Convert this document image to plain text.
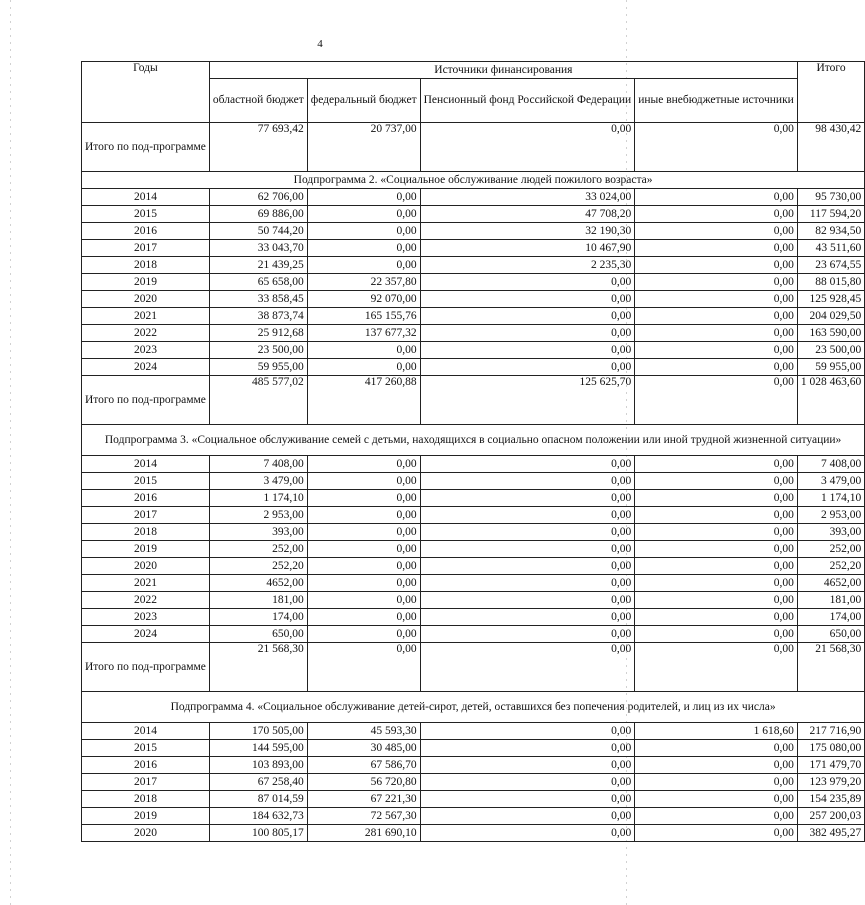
4
Годы	Источники финансирования				Итого
	областной бюджет	федеральный бюджет	Пенсионный фонд Российской Федерации	иные внебюджетные источники	
Итого по под-программе	77 693,42	20 737,00	0,00	0,00	98 430,42
Подпрограмма 2. «Социальное обслуживание людей пожилого возраста»					
2014	62 706,00	0,00	33 024,00	0,00	95 730,00
2015	69 886,00	0,00	47 708,20	0,00	117 594,20
2016	50 744,20	0,00	32 190,30	0,00	82 934,50
2017	33 043,70	0,00	10 467,90	0,00	43 511,60
2018	21 439,25	0,00	2 235,30	0,00	23 674,55
2019	65 658,00	22 357,80	0,00	0,00	88 015,80
2020	33 858,45	92 070,00	0,00	0,00	125 928,45
2021	38 873,74	165 155,76	0,00	0,00	204 029,50
2022	25 912,68	137 677,32	0,00	0,00	163 590,00
2023	23 500,00	0,00	0,00	0,00	23 500,00
2024	59 955,00	0,00	0,00	0,00	59 955,00
Итого по под-программе	485 577,02	417 260,88	125 625,70	0,00	1 028 463,60
Подпрограмма 3. «Социальное обслуживание семей с детьми, находящихся в социально опасном положении или иной трудной жизненной ситуации»					
2014	7 408,00	0,00	0,00	0,00	7 408,00
2015	3 479,00	0,00	0,00	0,00	3 479,00
2016	1 174,10	0,00	0,00	0,00	1 174,10
2017	2 953,00	0,00	0,00	0,00	2 953,00
2018	393,00	0,00	0,00	0,00	393,00
2019	252,00	0,00	0,00	0,00	252,00
2020	252,20	0,00	0,00	0,00	252,20
2021	4652,00	0,00	0,00	0,00	4652,00
2022	181,00	0,00	0,00	0,00	181,00
2023	174,00	0,00	0,00	0,00	174,00
2024	650,00	0,00	0,00	0,00	650,00
Итого по под-программе	21 568,30	0,00	0,00	0,00	21 568,30
Подпрограмма 4. «Социальное обслуживание детей-сирот, детей, оставшихся без попечения родителей, и лиц из их числа»					
2014	170 505,00	45 593,30	0,00	1 618,60	217 716,90
2015	144 595,00	30 485,00	0,00	0,00	175 080,00
2016	103 893,00	67 586,70	0,00	0,00	171 479,70
2017	67 258,40	56 720,80	0,00	0,00	123 979,20
2018	87 014,59	67 221,30	0,00	0,00	154 235,89
2019	184 632,73	72 567,30	0,00	0,00	257 200,03
2020	100 805,17	281 690,10	0,00	0,00	382 495,27
